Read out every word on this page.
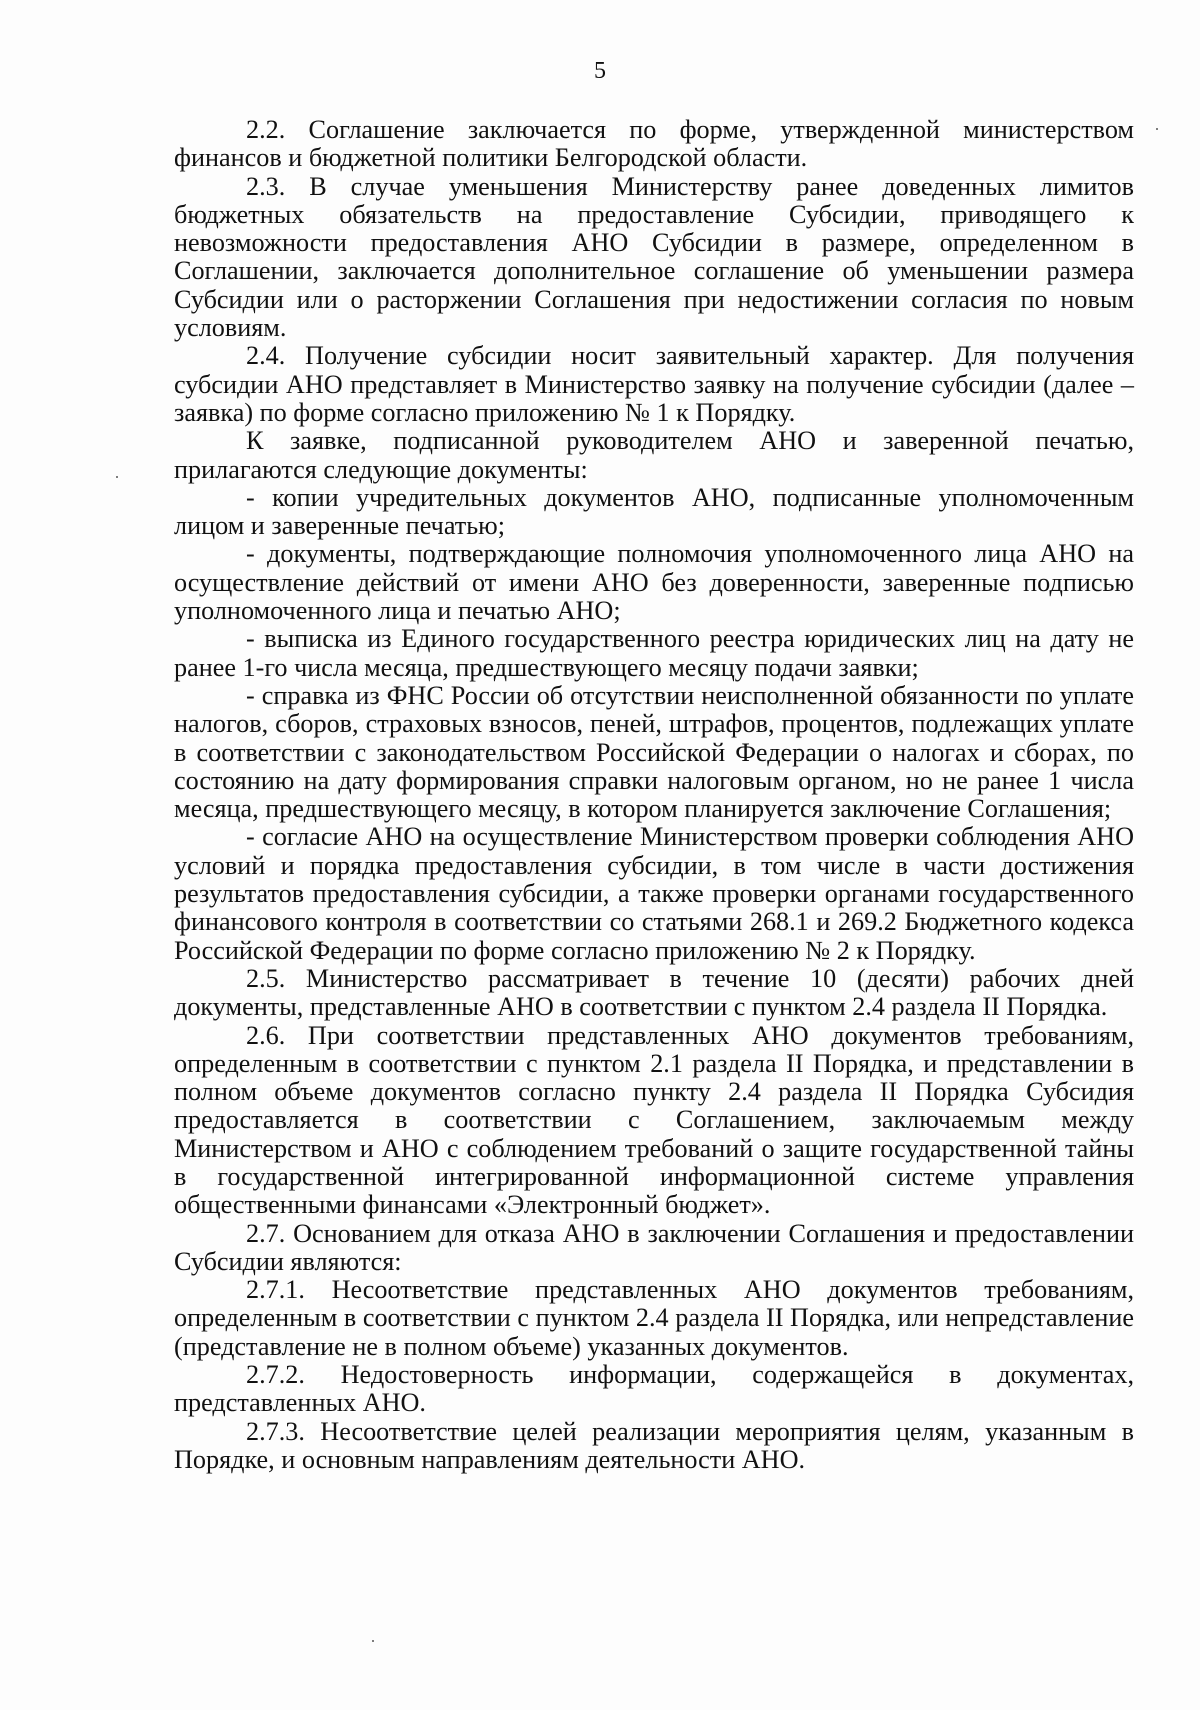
5

2.2. Соглашение заключается по форме, утвержденной министерством финансов и бюджетной политики Белгородской области.

2.3. В случае уменьшения Министерству ранее доведенных лимитов бюджетных обязательств на предоставление Субсидии, приводящего к невозможности предоставления АНО Субсидии в размере, определенном в Соглашении, заключается дополнительное соглашение об уменьшении размера Субсидии или о расторжении Соглашения при недостижении согласия по новым условиям.

2.4. Получение субсидии носит заявительный характер. Для получения субсидии АНО представляет в Министерство заявку на получение субсидии (далее – заявка) по форме согласно приложению № 1 к Порядку.

К заявке, подписанной руководителем АНО и заверенной печатью, прилагаются следующие документы:

- копии учредительных документов АНО, подписанные уполномоченным лицом и заверенные печатью;

- документы, подтверждающие полномочия уполномоченного лица АНО на осуществление действий от имени АНО без доверенности, заверенные подписью уполномоченного лица и печатью АНО;

- выписка из Единого государственного реестра юридических лиц на дату не ранее 1-го числа месяца, предшествующего месяцу подачи заявки;

- справка из ФНС России об отсутствии неисполненной обязанности по уплате налогов, сборов, страховых взносов, пеней, штрафов, процентов, подлежащих уплате в соответствии с законодательством Российской Федерации о налогах и сборах, по состоянию на дату формирования справки налоговым органом, но не ранее 1 числа месяца, предшествующего месяцу, в котором планируется заключение Соглашения;

- согласие АНО на осуществление Министерством проверки соблюдения АНО условий и порядка предоставления субсидии, в том числе в части достижения результатов предоставления субсидии, а также проверки органами государственного финансового контроля в соответствии со статьями 268.1 и 269.2 Бюджетного кодекса Российской Федерации по форме согласно приложению № 2 к Порядку.

2.5. Министерство рассматривает в течение 10 (десяти) рабочих дней документы, представленные АНО в соответствии с пунктом 2.4 раздела II Порядка.

2.6. При соответствии представленных АНО документов требованиям, определенным в соответствии с пунктом 2.1 раздела II Порядка, и представлении в полном объеме документов согласно пункту 2.4 раздела II Порядка Субсидия предоставляется в соответствии с Соглашением, заключаемым между Министерством и АНО с соблюдением требований о защите государственной тайны в государственной интегрированной информационной системе управления общественными финансами «Электронный бюджет».

2.7. Основанием для отказа АНО в заключении Соглашения и предоставлении Субсидии являются:

2.7.1. Несоответствие представленных АНО документов требованиям, определенным в соответствии с пунктом 2.4 раздела II Порядка, или непредставление (представление не в полном объеме) указанных документов.

2.7.2. Недостоверность информации, содержащейся в документах, представленных АНО.

2.7.3. Несоответствие целей реализации мероприятия целям, указанным в Порядке, и основным направлениям деятельности АНО.
